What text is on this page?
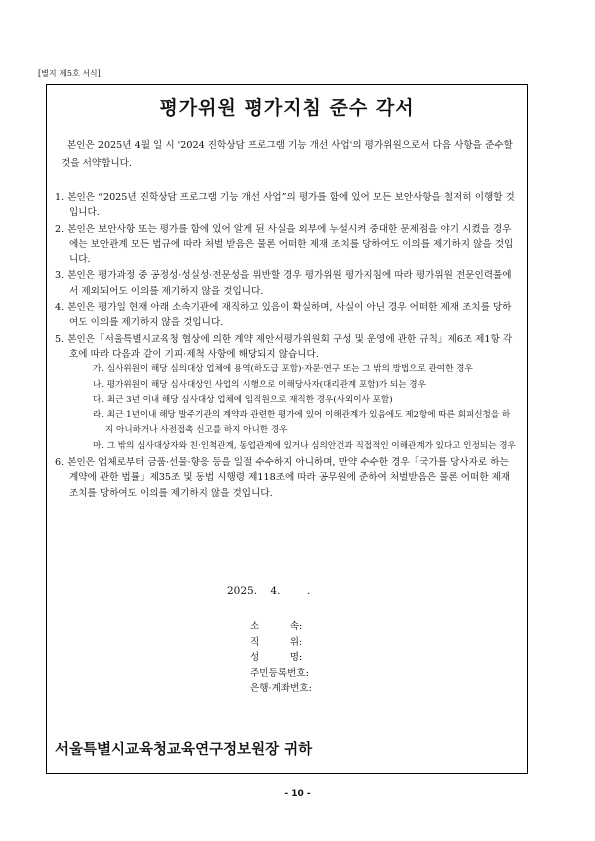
[별지 제5호 서식]
평가위원 평가지침 준수 각서
본인은 2025년 4월 일 시 '2024 진학상담 프로그램 기능 개선 사업'의 평가위원으로서 다음 사항을 준수할 것을 서약합니다.
1. 본인은 “2025년 진학상담 프로그램 기능 개선 사업”의 평가를 함에 있어 모든 보안사항을 철저히 이행할 것입니다.
2. 본인은 보안사항 또는 평가를 함에 있어 알게 된 사실을 외부에 누설시켜 중대한 문제점을 야기 시켰을 경우에는 보안관계 모든 법규에 따라 처벌 받음은 물론 어떠한 제재 조치를 당하여도 이의를 제기하지 않을 것입니다.
3. 본인은 평가과정 중 공정성·성실성·전문성을 위반할 경우 평가위원 평가지침에 따라 평가위원 전문인력풀에서 제외되어도 이의를 제기하지 않을 것입니다.
4. 본인은 평가일 현재 아래 소속기관에 재직하고 있음이 확실하며, 사실이 아닌 경우 어떠한 제재 조치를 당하여도 이의를 제기하지 않을 것입니다.
5. 본인은「서울특별시교육청 협상에 의한 계약 제안서평가위원회 구성 및 운영에 관한 규칙」제6조 제1항 각 호에 따라 다음과 같이 기피·제척 사항에 해당되지 않습니다.
가. 심사위원이 해당 심의대상 업체에 용역(하도급 포함)·자문·연구 또는 그 밖의 방법으로 관여한 경우
나. 평가위원이 해당 심사대상인 사업의 시행으로 이해당사자(대리관계 포함)가 되는 경우
다. 최근 3년 이내 해당 심사대상 업체에 임직원으로 재직한 경우(사외이사 포함)
라. 최근 1년이내 해당 발주기관의 계약과 관련한 평가에 있어 이해관계가 있음에도 제2항에 따른 회피신청을 하지 아니하거나 사전접촉 신고를 하지 아니한 경우
마. 그 밖의 심사대상자와 친·인척관계, 동업관계에 있거나 심의안건과 직접적인 이해관계가 있다고 인정되는 경우
6. 본인은 업체로부터 금품·선물·향응 등을 일절 수수하지 아니하며, 만약 수수한 경우「국가를 당사자로 하는 계약에 관한 법률」제35조 및 동법 시행령 제118조에 따라 공무원에 준하여 처벌받음은 물론 어떠한 제재조치를 당하여도 이의를 제기하지 않을 것입니다.
2025.    4.        .
소          속:
직          위:
성          명:
주민등록번호:
은행·계좌번호:
서울특별시교육청교육연구정보원장 귀하
- 10 -
